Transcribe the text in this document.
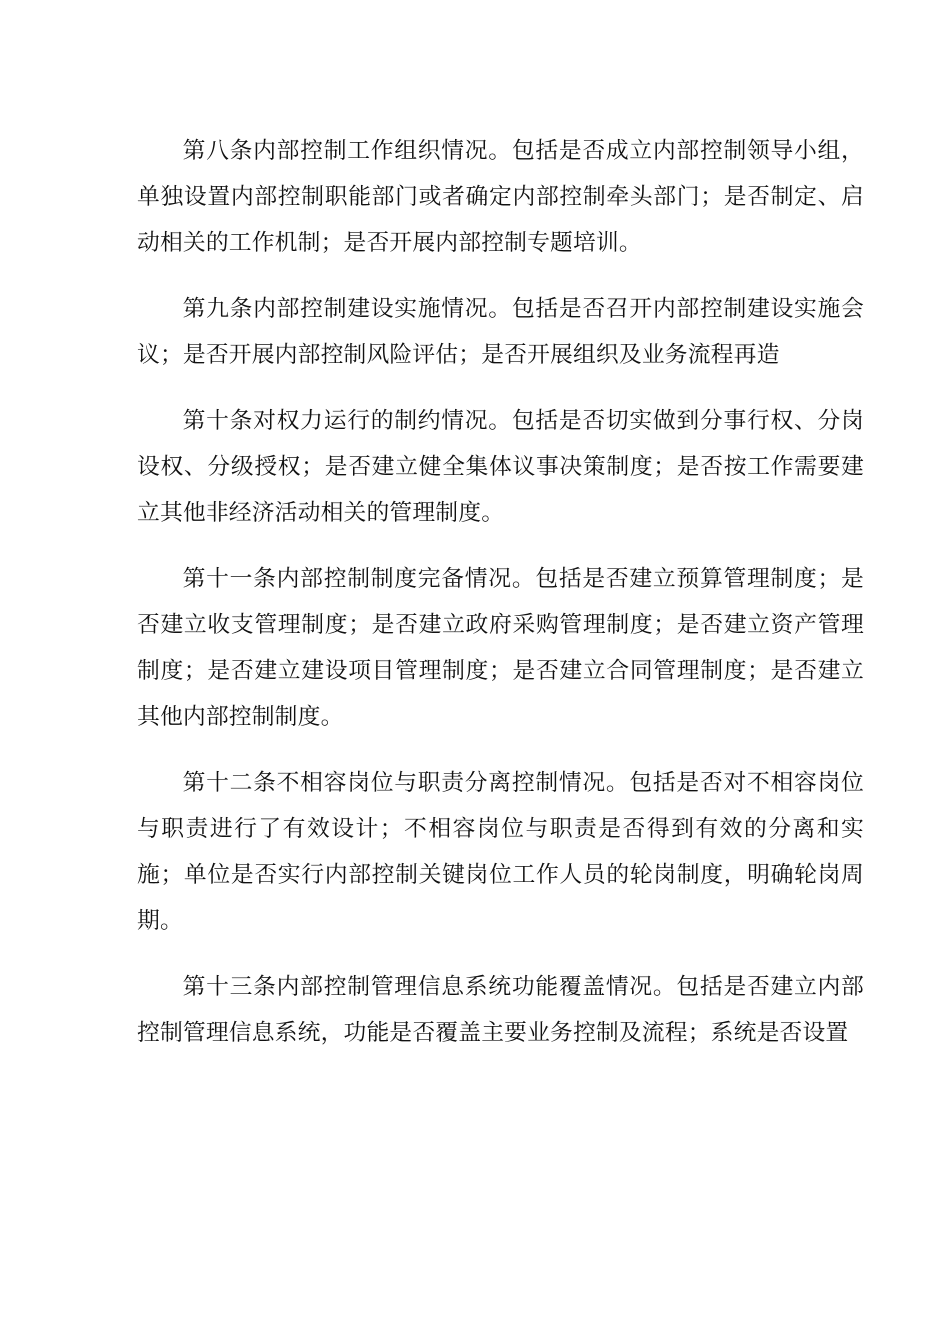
第八条内部控制工作组织情况。包括是否成立内部控制领导小组，单独设置内部控制职能部门或者确定内部控制牵头部门；是否制定、启动相关的工作机制；是否开展内部控制专题培训。

第九条内部控制建设实施情况。包括是否召开内部控制建设实施会议；是否开展内部控制风险评估；是否开展组织及业务流程再造

第十条对权力运行的制约情况。包括是否切实做到分事行权、分岗设权、分级授权；是否建立健全集体议事决策制度；是否按工作需要建立其他非经济活动相关的管理制度。

第十一条内部控制制度完备情况。包括是否建立预算管理制度；是否建立收支管理制度；是否建立政府采购管理制度；是否建立资产管理制度；是否建立建设项目管理制度；是否建立合同管理制度；是否建立其他内部控制制度。

第十二条不相容岗位与职责分离控制情况。包括是否对不相容岗位与职责进行了有效设计；不相容岗位与职责是否得到有效的分离和实施；单位是否实行内部控制关键岗位工作人员的轮岗制度，明确轮岗周期。

第十三条内部控制管理信息系统功能覆盖情况。包括是否建立内部控制管理信息系统，功能是否覆盖主要业务控制及流程；系统是否设置
